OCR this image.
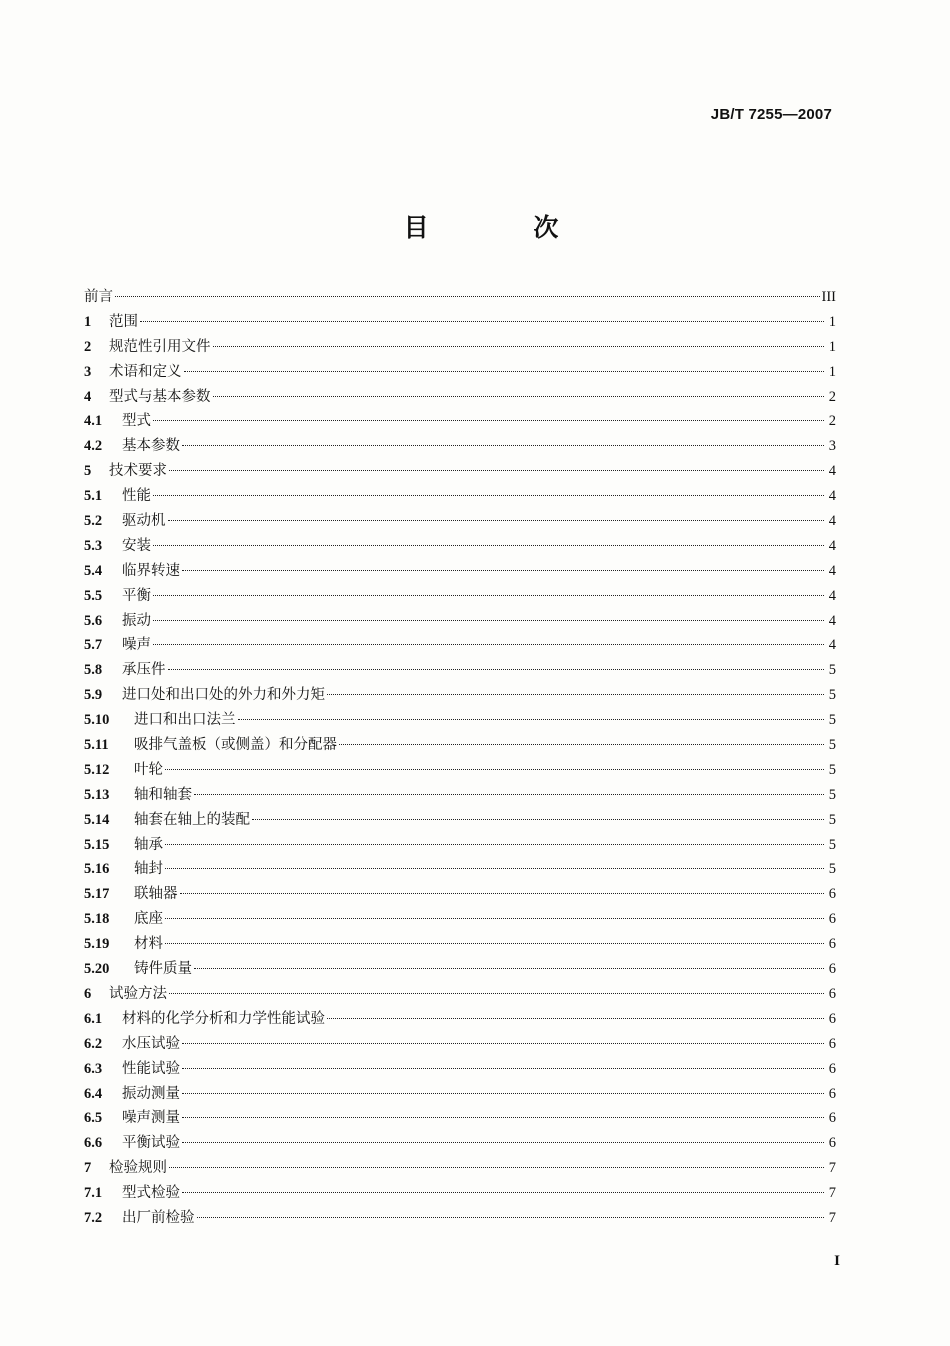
JB/T 7255—2007
目 次
前言	III
1	范围	1
2	规范性引用文件	1
3	术语和定义	1
4	型式与基本参数	2
4.1	型式	2
4.2	基本参数	3
5	技术要求	4
5.1	性能	4
5.2	驱动机	4
5.3	安装	4
5.4	临界转速	4
5.5	平衡	4
5.6	振动	4
5.7	噪声	4
5.8	承压件	5
5.9	进口处和出口处的外力和外力矩	5
5.10	进口和出口法兰	5
5.11	吸排气盖板（或侧盖）和分配器	5
5.12	叶轮	5
5.13	轴和轴套	5
5.14	轴套在轴上的装配	5
5.15	轴承	5
5.16	轴封	5
5.17	联轴器	6
5.18	底座	6
5.19	材料	6
5.20	铸件质量	6
6	试验方法	6
6.1	材料的化学分析和力学性能试验	6
6.2	水压试验	6
6.3	性能试验	6
6.4	振动测量	6
6.5	噪声测量	6
6.6	平衡试验	6
7	检验规则	7
7.1	型式检验	7
7.2	出厂前检验	7
I
